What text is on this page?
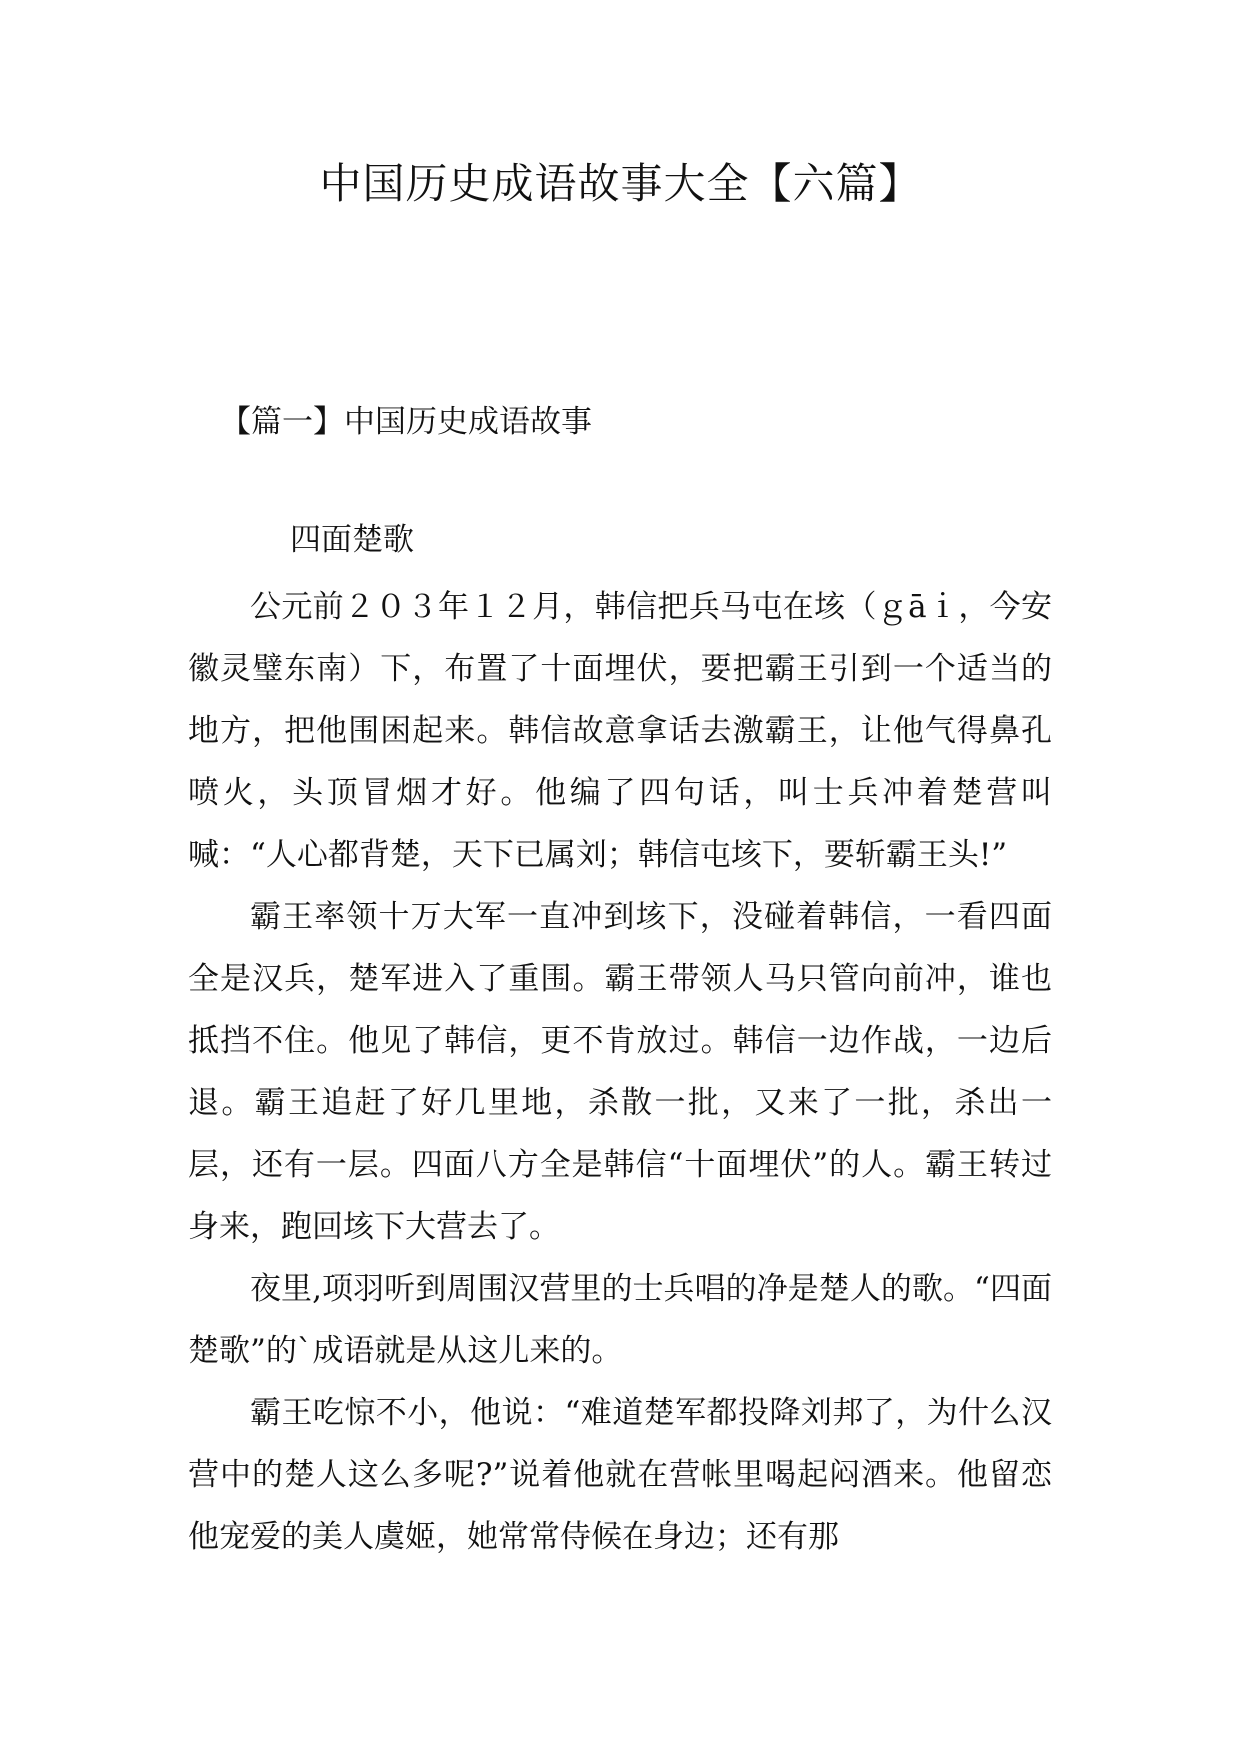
中国历史成语故事大全【六篇】
【篇一】中国历史成语故事
四面楚歌

公元前２０３年１２月，韩信把兵马屯在垓（ｇāｉ，今安徽灵璧东南）下，布置了十面埋伏，要把霸王引到一个适当的地方，把他围困起来。韩信故意拿话去激霸王，让他气得鼻孔喷火，头顶冒烟才好。他编了四句话，叫士兵冲着楚营叫喊：“人心都背楚，天下已属刘；韩信屯垓下，要斩霸王头!”

霸王率领十万大军一直冲到垓下，没碰着韩信，一看四面全是汉兵，楚军进入了重围。霸王带领人马只管向前冲，谁也抵挡不住。他见了韩信，更不肯放过。韩信一边作战，一边后退。霸王追赶了好几里地，杀散一批，又来了一批，杀出一层，还有一层。四面八方全是韩信“十面埋伏”的人。霸王转过身来，跑回垓下大营去了。

夜里,项羽听到周围汉营里的士兵唱的净是楚人的歌。“四面楚歌”的`成语就是从这儿来的。

霸王吃惊不小，他说：“难道楚军都投降刘邦了，为什么汉营中的楚人这么多呢?”说着他就在营帐里喝起闷酒来。他留恋他宠爱的美人虞姬，她常常侍候在身边；还有那
